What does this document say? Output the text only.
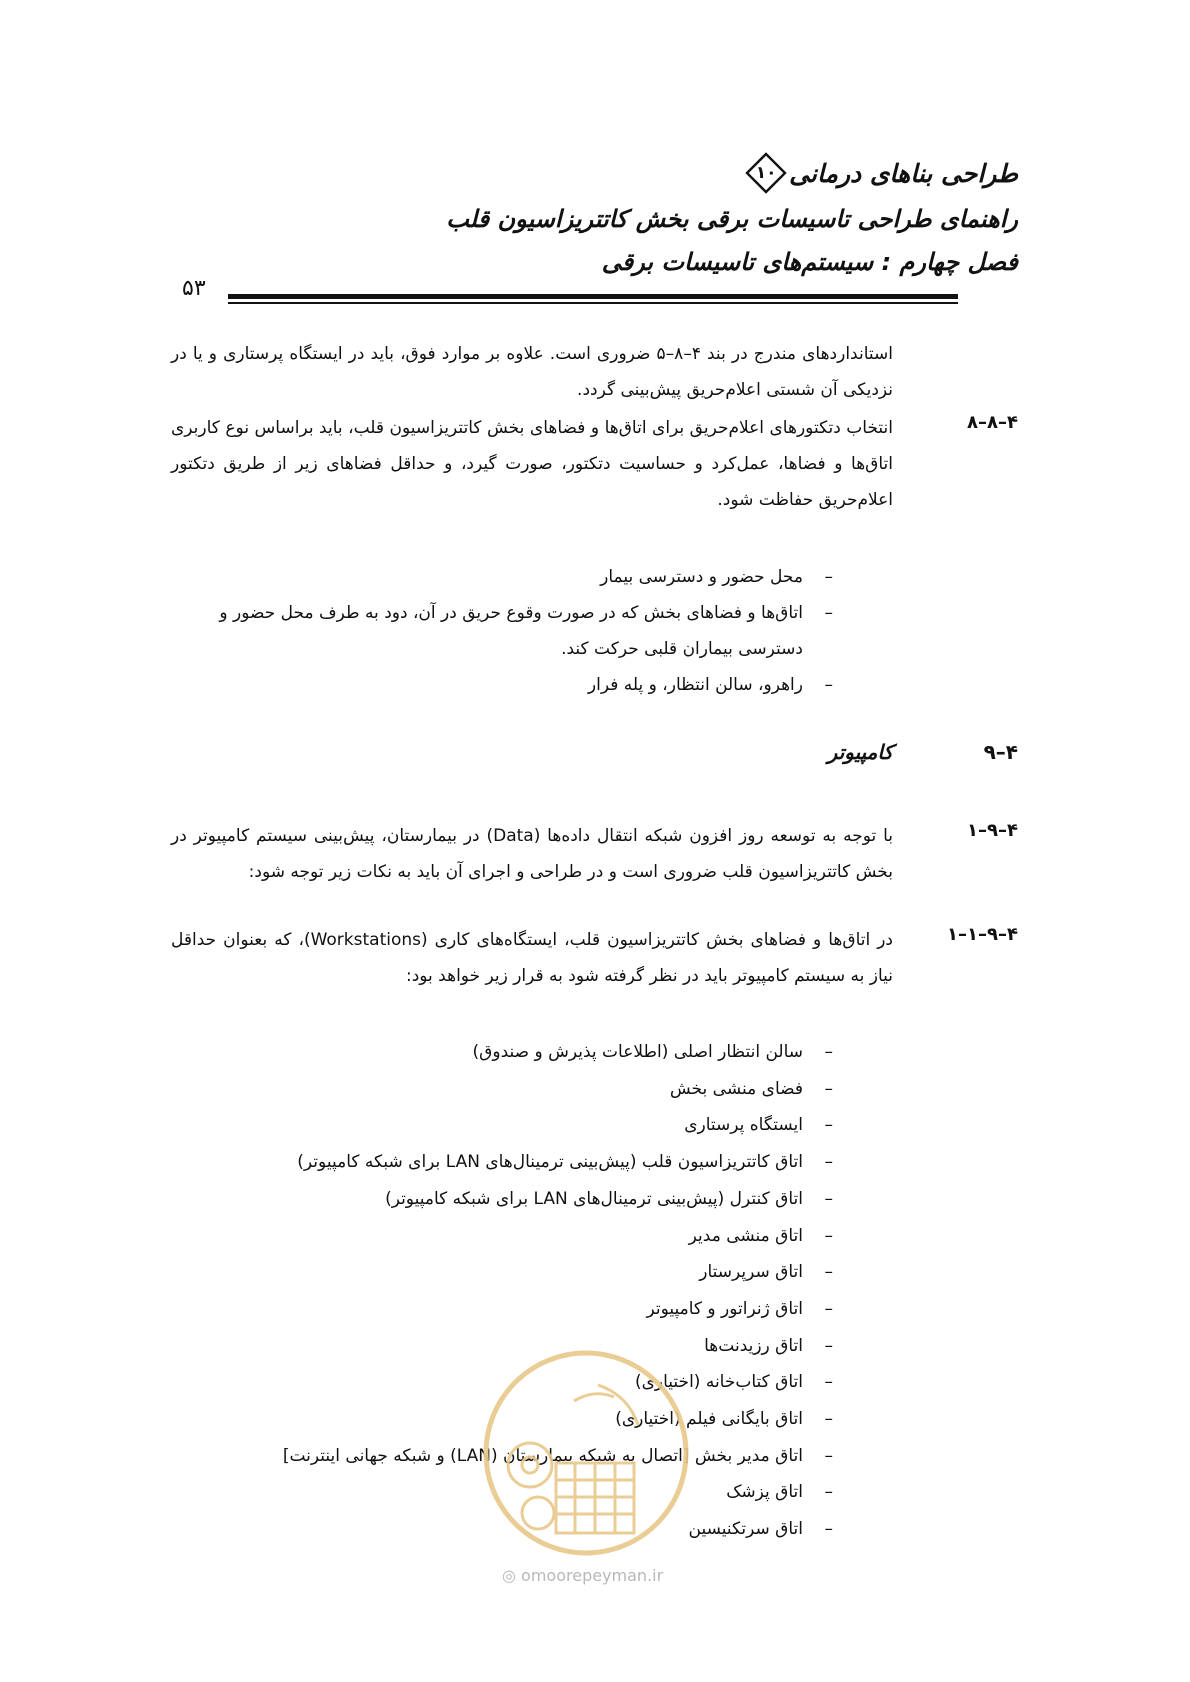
طراحی بناهای درمانی
۱۰
راهنمای طراحی تاسیسات برقی بخش کاتتریزاسیون قلب
فصل چهارم : سیستم‌های تاسیسات برقی
۵۳
استانداردهای مندرج در بند ۴–۸–۵ ضروری است. علاوه بر موارد فوق، باید در ایستگاه پرستاری و یا در نزدیکی آن شستی اعلام‌حریق پیش‌بینی گردد.
۴–۸–۸
انتخاب دتکتورهای اعلام‌حریق برای اتاق‌ها و فضاهای بخش کاتتریزاسیون قلب، باید براساس نوع کاربری اتاق‌ها و فضاها، عمل‌کرد و حساسیت دتکتور، صورت گیرد، و حداقل فضاهای زیر از طریق دتکتور اعلام‌حریق حفاظت شود.
– محل حضور و دسترسی بیمار
– اتاق‌ها و فضاهای بخش که در صورت وقوع حریق در آن، دود به طرف محل حضور و دسترسی بیماران قلبی حرکت کند.
– راهرو، سالن انتظار، و پله فرار
۴–۹
کامپیوتر
۴–۹–۱
با توجه به توسعه روز افزون شبکه انتقال داده‌ها (Data) در بیمارستان، پیش‌بینی سیستم کامپیوتر در بخش کاتتریزاسیون قلب ضروری است و در طراحی و اجرای آن باید به نکات زیر توجه شود:
۴–۹–۱–۱
در اتاق‌ها و فضاهای بخش کاتتریزاسیون قلب، ایستگاه‌های کاری (Workstations)، که بعنوان حداقل نیاز به سیستم کامپیوتر باید در نظر گرفته شود به قرار زیر خواهد بود:
– سالن انتظار اصلی (اطلاعات پذیرش و صندوق)
– فضای منشی بخش
– ایستگاه پرستاری
– اتاق کاتتریزاسیون قلب (پیش‌بینی ترمینال‌های LAN برای شبکه کامپیوتر)
– اتاق کنترل (پیش‌بینی ترمینال‌های LAN برای شبکه کامپیوتر)
– اتاق منشی مدیر
– اتاق سرپرستار
– اتاق ژنراتور و کامپیوتر
– اتاق رزیدنت‌ها
– اتاق کتاب‌خانه (اختیاری)
– اتاق بایگانی فیلم (اختیاری)
– اتاق مدیر بخش [اتصال به شبکه بیمارستان (LAN) و شبکه جهانی اینترنت]
– اتاق پزشک
– اتاق سرتکنیسین
◎ omoorepeyman.ir
